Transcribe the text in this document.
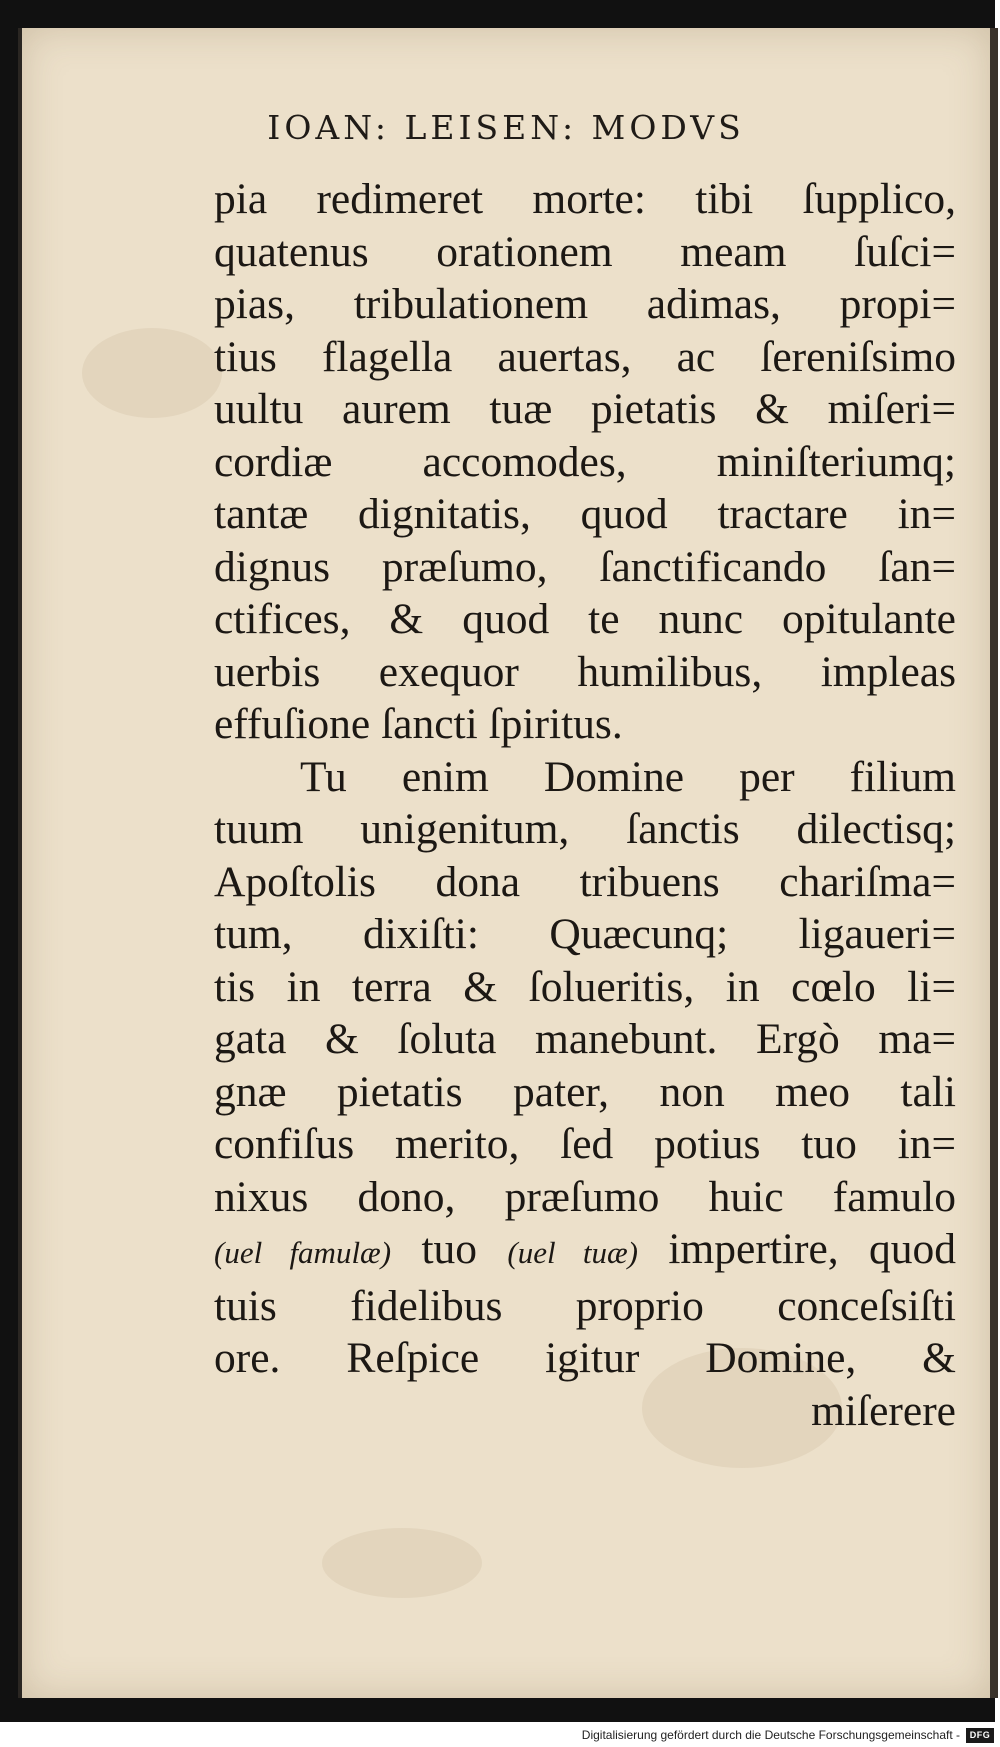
IOAN: LEISEN: MODVS
pia redimeret morte: tibi ſupplico,
quatenus orationem meam ſuſci=
pias, tribulationem adimas, propi=
tius flagella auertas, ac ſereniſsimo
uultu aurem tuæ pietatis & miſeri=
cordiæ accomodes, miniſteriumq;
tantæ dignitatis, quod tractare in=
dignus præſumo, ſanctificando ſan=
ctifices, & quod te nunc opitulante
uerbis exequor humilibus, impleas
effuſione ſancti ſpiritus.
Tu enim Domine per filium
tuum unigenitum, ſanctis dilectisq;
Apoſtolis dona tribuens chariſma=
tum, dixiſti: Quæcunq; ligaueri=
tis in terra & ſolueritis, in cœlo li=
gata & ſoluta manebunt. Ergò ma=
gnæ pietatis pater, non meo tali
confiſus merito, ſed potius tuo in=
nixus dono, præſumo huic famulo
(uel famulæ) tuo (uel tuæ) impertire, quod
tuis fidelibus proprio conceſsiſti
ore. Reſpice igitur Domine, &
miſerere
Digitalisierung gefördert durch die Deutsche Forschungsgemeinschaft -	DFG
